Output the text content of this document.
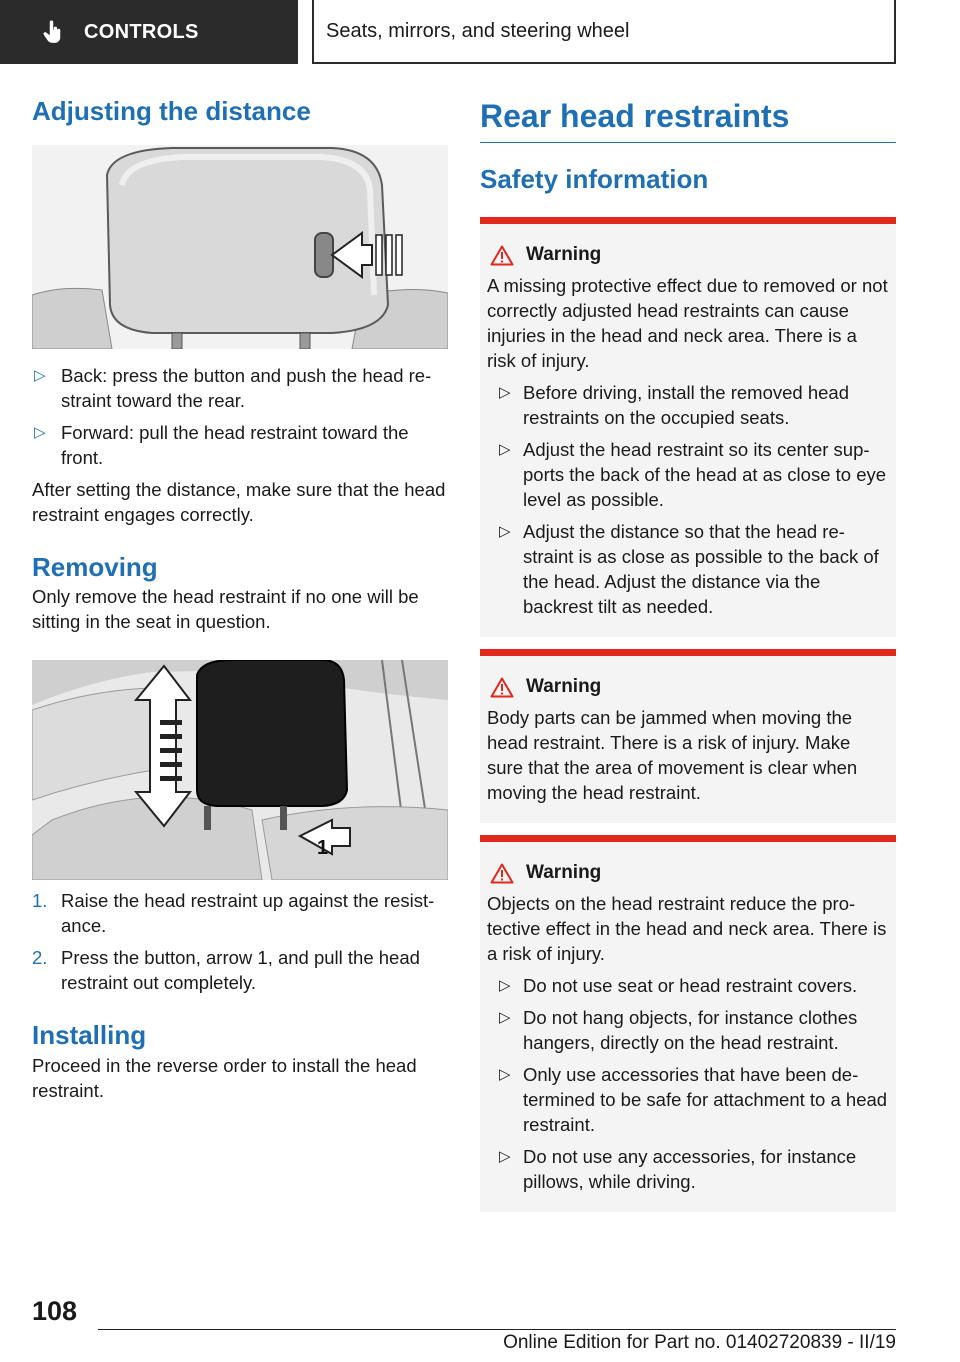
CONTROLS	Seats, mirrors, and steering wheel
Adjusting the distance
▷ Back: press the button and push the head re-straint toward the rear.
▷ Forward: pull the head restraint toward the front.

After setting the distance, make sure that the head restraint engages correctly.

Removing

Only remove the head restraint if no one will be sitting in the seat in question.

1
1. Raise the head restraint up against the resist-ance.
2. Press the button, arrow 1, and pull the head restraint out completely.
Installing

Proceed in the reverse order to install the head restraint.

Rear head restraints
Safety information
Warning

A missing protective effect due to removed or not correctly adjusted head restraints can cause injuries in the head and neck area. There is a risk of injury.

▷ Before driving, install the removed head restraints on the occupied seats.
▷ Adjust the head restraint so its center sup-ports the back of the head at as close to eye level as possible.
▷ Adjust the distance so that the head re-straint is as close as possible to the back of the head. Adjust the distance via the backrest tilt as needed.
Warning

Body parts can be jammed when moving the head restraint. There is a risk of injury. Make sure that the area of movement is clear when moving the head restraint.

Warning

Objects on the head restraint reduce the pro-tective effect in the head and neck area. There is a risk of injury.

▷ Do not use seat or head restraint covers.
▷ Do not hang objects, for instance clothes hangers, directly on the head restraint.
▷ Only use accessories that have been de-termined to be safe for attachment to a head restraint.
▷ Do not use any accessories, for instance pillows, while driving.
108
Online Edition for Part no. 01402720839 - II/19
